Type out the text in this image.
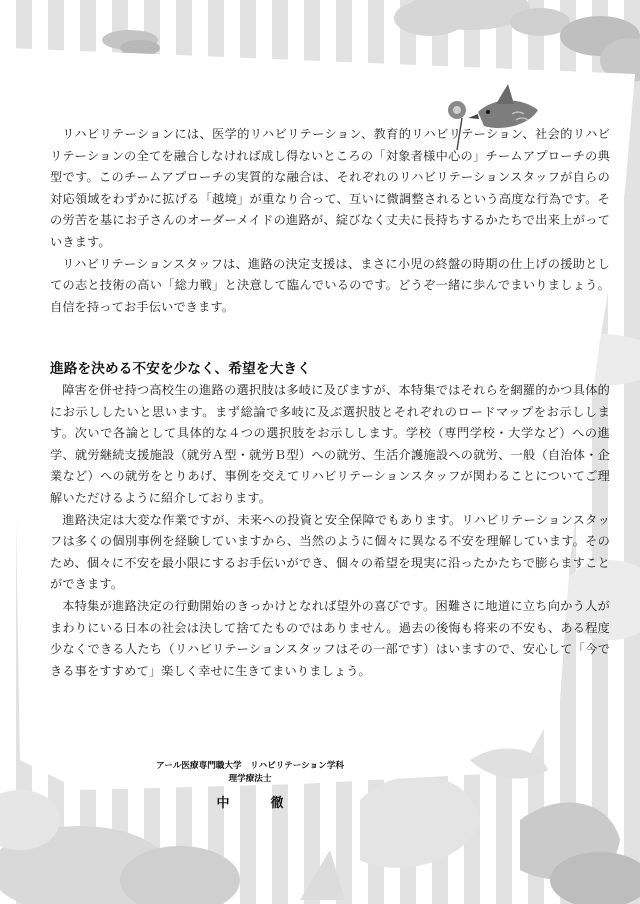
リハビリテーションには、医学的リハビリテーション、教育的リハビリテーション、社会的リハビリテーションの全てを融合しなければ成し得ないところの「対象者様中心の」チームアプローチの典型です。このチームアプローチの実質的な融合は、それぞれのリハビリテーションスタッフが自らの対応領域をわずかに拡げる「越境」が重なり合って、互いに微調整されるという高度な行為です。その労苦を基にお子さんのオーダーメイドの進路が、綻びなく丈夫に長持ちするかたちで出来上がっていきます。

リハビリテーションスタッフは、進路の決定支援は、まさに小児の終盤の時期の仕上げの援助としての志と技術の高い「総力戦」と決意して臨んでいるのです。どうぞ一緒に歩んでまいりましょう。自信を持ってお手伝いできます。

進路を決める不安を少なく、希望を大きく

障害を併せ持つ高校生の進路の選択肢は多岐に及びますが、本特集ではそれらを網羅的かつ具体的にお示ししたいと思います。まず総論で多岐に及ぶ選択肢とそれぞれのロードマップをお示しします。次いで各論として具体的な４つの選択肢をお示しします。学校（専門学校・大学など）への進学、就労継続支援施設（就労Ａ型・就労Ｂ型）への就労、生活介護施設への就労、一般（自治体・企業など）への就労をとりあげ、事例を交えてリハビリテーションスタッフが関わることについてご理解いただけるように紹介しております。

進路決定は大変な作業ですが、未来への投資と安全保障でもあります。リハビリテーションスタッフは多くの個別事例を経験していますから、当然のように個々に異なる不安を理解しています。そのため、個々に不安を最小限にするお手伝いができ、個々の希望を現実に沿ったかたちで膨らますことができます。

本特集が進路決定の行動開始のきっかけとなれば望外の喜びです。困難さに地道に立ち向かう人がまわりにいる日本の社会は決して捨てたものではありません。過去の後悔も将来の不安も、ある程度少なくできる人たち（リハビリテーションスタッフはその一部です）はいますので、安心して「今できる事をすすめて」楽しく幸せに生きてまいりましょう。

アール医療専門職大学　リハビリテーション学科
理学療法士
中　徹
